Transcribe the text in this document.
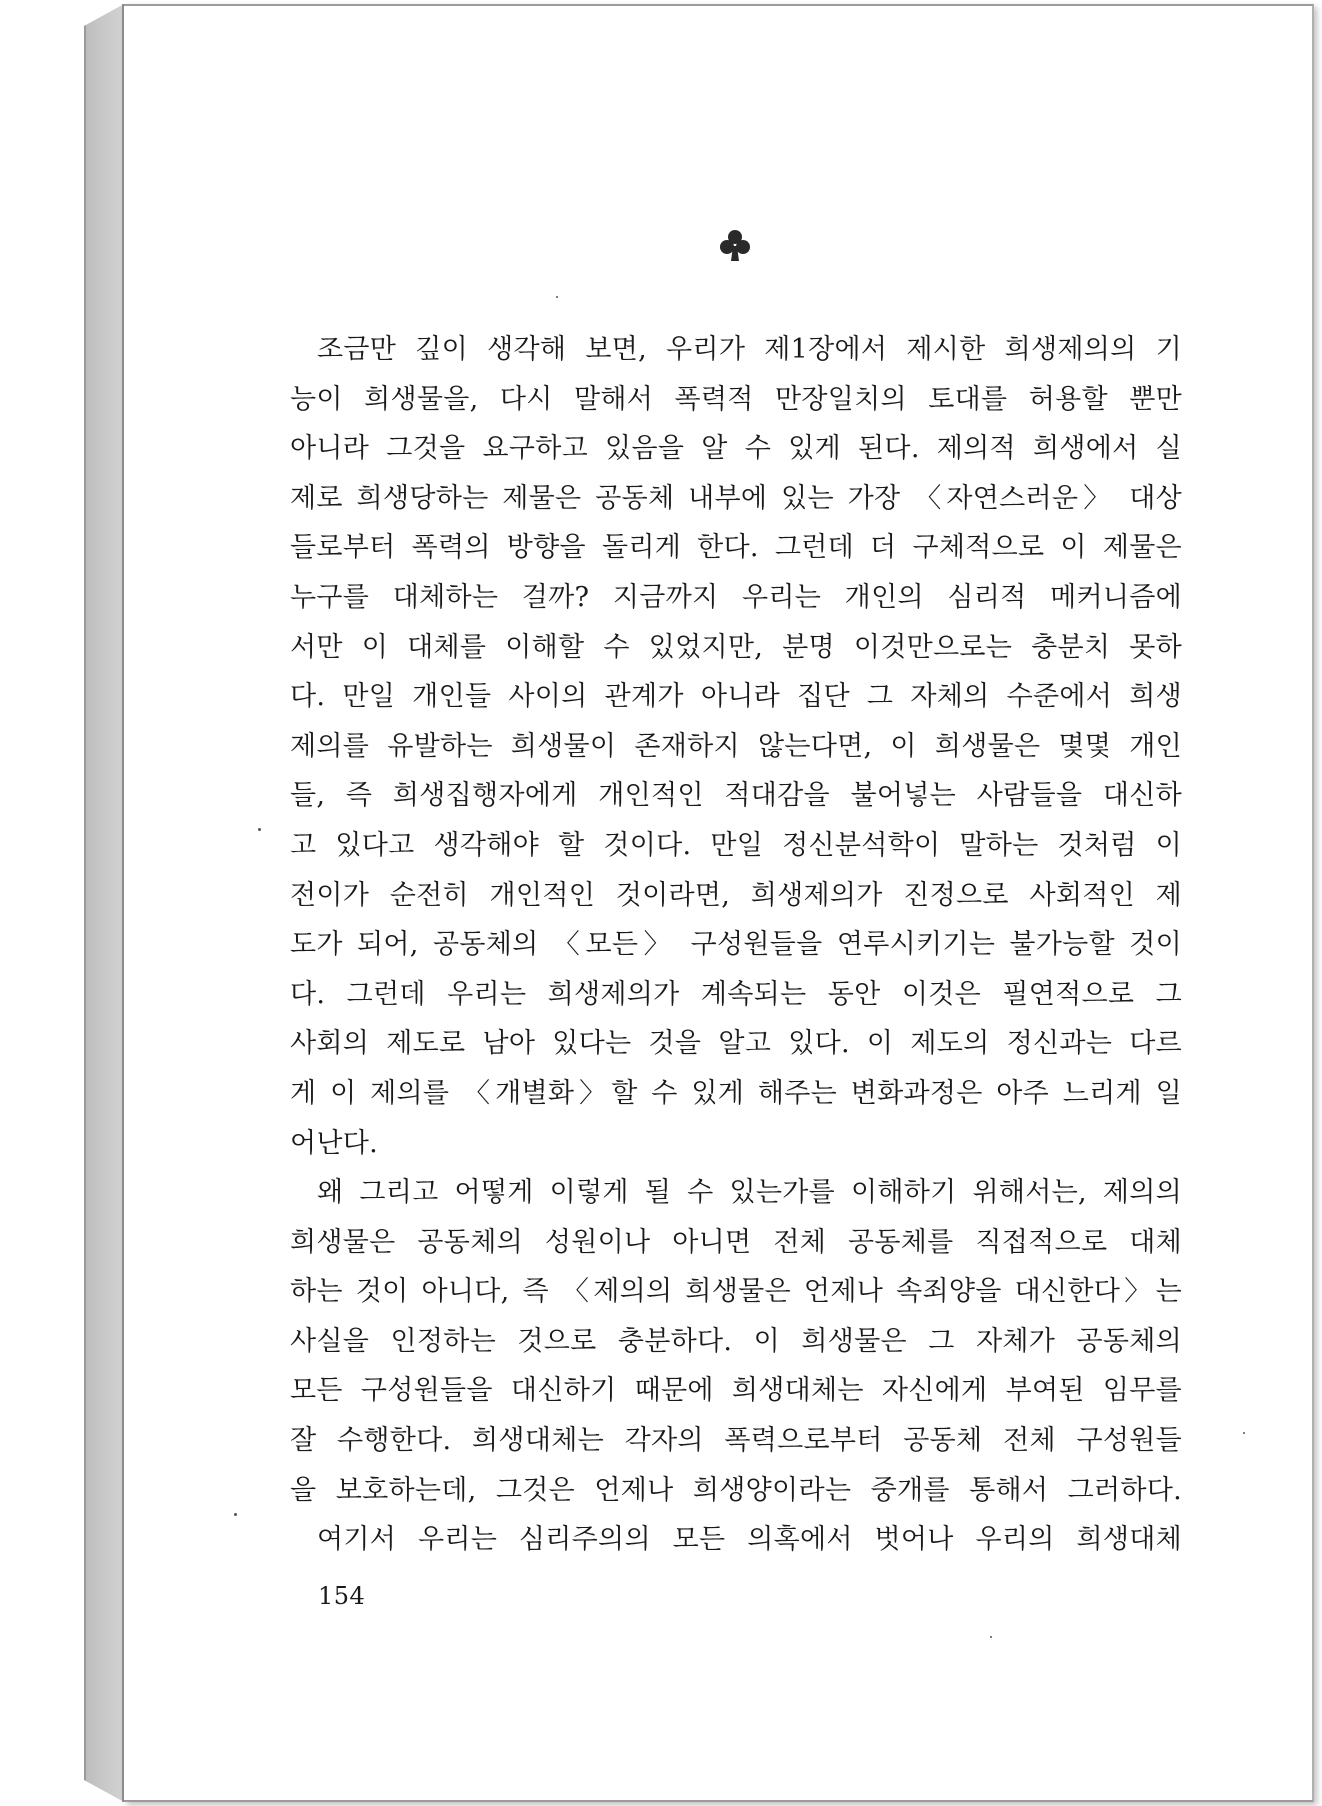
조금만 깊이 생각해 보면, 우리가 제1장에서 제시한 희생제의의 기
능이 희생물을, 다시 말해서 폭력적 만장일치의 토대를 허용할 뿐만
아니라 그것을 요구하고 있음을 알 수 있게 된다. 제의적 희생에서 실
제로 희생당하는 제물은 공동체 내부에 있는 가장 〈자연스러운〉 대상
들로부터 폭력의 방향을 돌리게 한다. 그런데 더 구체적으로 이 제물은
누구를 대체하는 걸까? 지금까지 우리는 개인의 심리적 메커니즘에
서만 이 대체를 이해할 수 있었지만, 분명 이것만으로는 충분치 못하
다. 만일 개인들 사이의 관계가 아니라 집단 그 자체의 수준에서 희생
제의를 유발하는 희생물이 존재하지 않는다면, 이 희생물은 몇몇 개인
들, 즉 희생집행자에게 개인적인 적대감을 불어넣는 사람들을 대신하
고 있다고 생각해야 할 것이다. 만일 정신분석학이 말하는 것처럼 이
전이가 순전히 개인적인 것이라면, 희생제의가 진정으로 사회적인 제
도가 되어, 공동체의 〈모든〉 구성원들을 연루시키기는 불가능할 것이
다. 그런데 우리는 희생제의가 계속되는 동안 이것은 필연적으로 그
사회의 제도로 남아 있다는 것을 알고 있다. 이 제도의 정신과는 다르
게 이 제의를 〈개별화〉할 수 있게 해주는 변화과정은 아주 느리게 일
어난다.
왜 그리고 어떻게 이렇게 될 수 있는가를 이해하기 위해서는, 제의의
희생물은 공동체의 성원이나 아니면 전체 공동체를 직접적으로 대체
하는 것이 아니다, 즉 〈제의의 희생물은 언제나 속죄양을 대신한다〉는
사실을 인정하는 것으로 충분하다. 이 희생물은 그 자체가 공동체의
모든 구성원들을 대신하기 때문에 희생대체는 자신에게 부여된 임무를
잘 수행한다. 희생대체는 각자의 폭력으로부터 공동체 전체 구성원들
을 보호하는데, 그것은 언제나 희생양이라는 중개를 통해서 그러하다.
여기서 우리는 심리주의의 모든 의혹에서 벗어나 우리의 희생대체
154
